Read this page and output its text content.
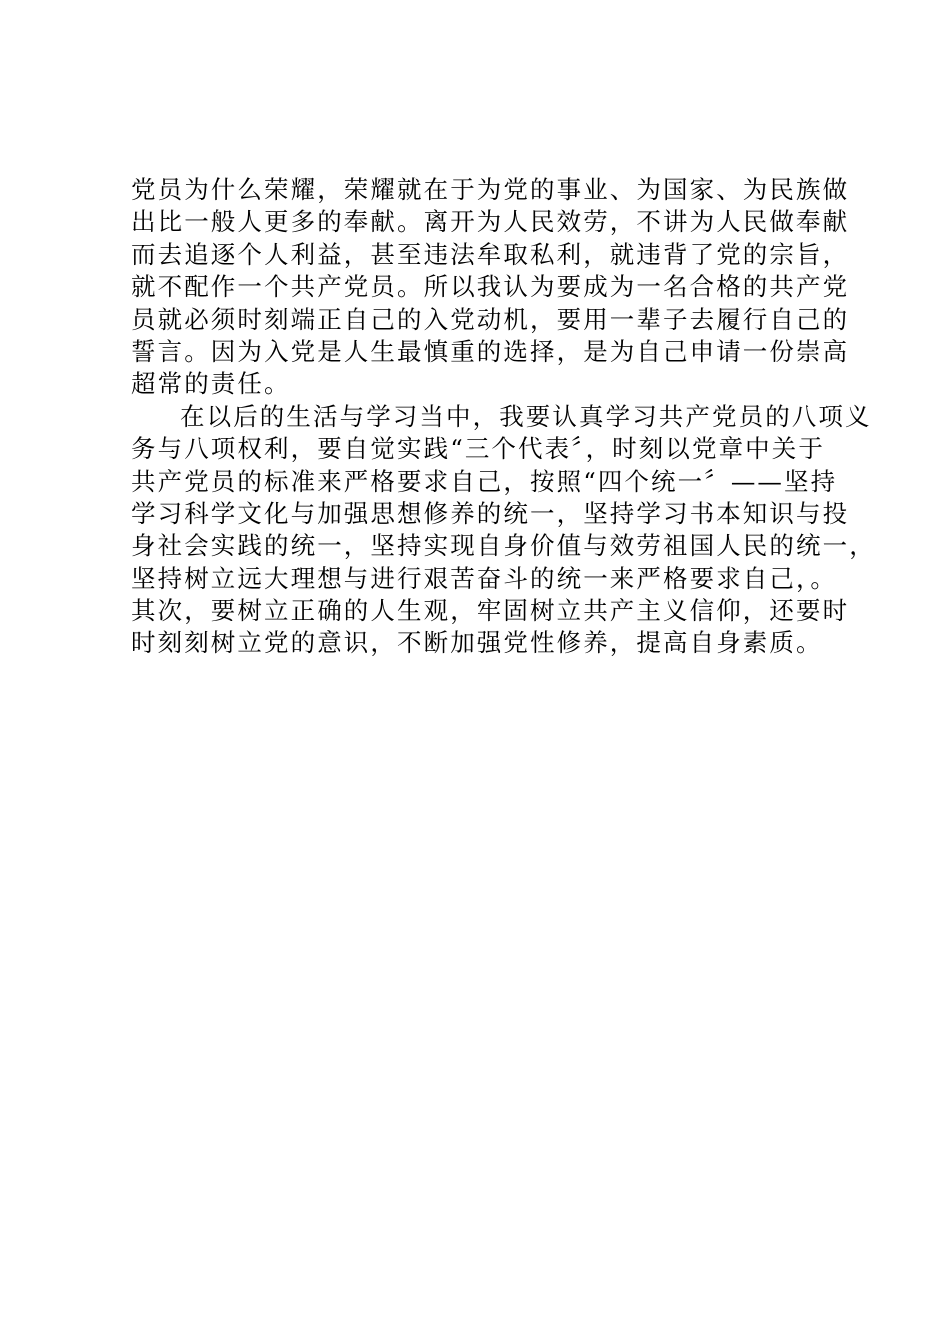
党员为什么荣耀，荣耀就在于为党的事业、为国家、为民族做
出比一般人更多的奉献。离开为人民效劳，不讲为人民做奉献
而去追逐个人利益，甚至违法牟取私利，就违背了党的宗旨，
就不配作一个共产党员。所以我认为要成为一名合格的共产党
员就必须时刻端正自己的入党动机，要用一辈子去履行自己的
誓言。因为入党是人生最慎重的选择，是为自己申请一份崇高
超常的责任。
在以后的生活与学习当中，我要认真学习共产党员的八项义
务与八项权利，要自觉实践“三个代表〞，时刻以党章中关于
共产党员的标准来严格要求自己，按照“四个统一〞——坚持
学习科学文化与加强思想修养的统一，坚持学习书本知识与投
身社会实践的统一，坚持实现自身价值与效劳祖国人民的统一，
坚持树立远大理想与进行艰苦奋斗的统一来严格要求自己，。
其次，要树立正确的人生观，牢固树立共产主义信仰，还要时
时刻刻树立党的意识，不断加强党性修养，提高自身素质。
